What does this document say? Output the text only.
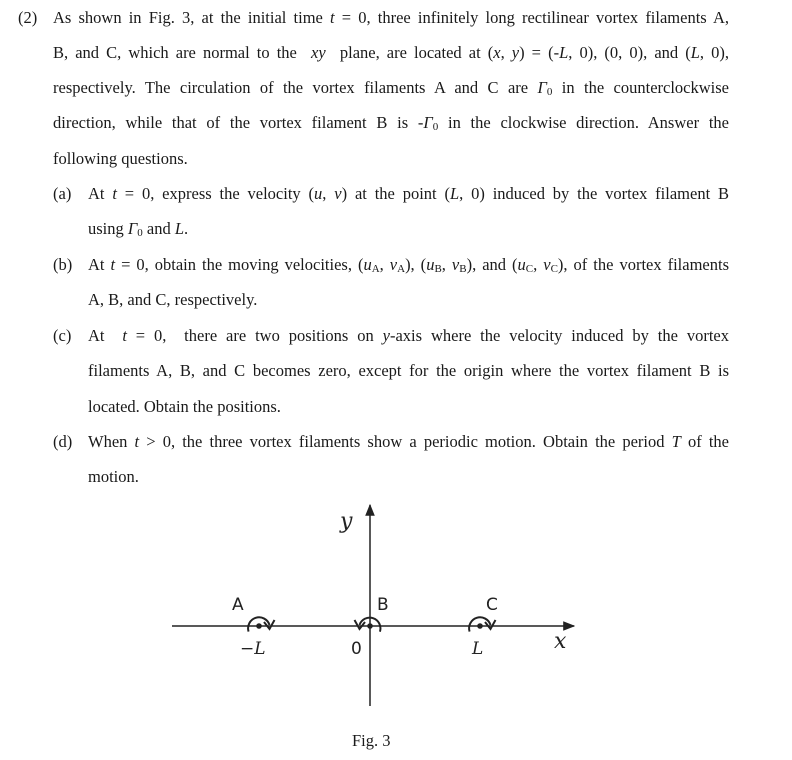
(2) As shown in Fig. 3, at the initial time t = 0, three infinitely long rectilinear vortex filaments A,
B, and C, which are normal to the  xy  plane, are located at (x, y) = (-L, 0), (0, 0), and (L, 0),
respectively. The circulation of the vortex filaments A and C are $\Gamma_0$ in the counterclockwise
direction, while that of the vortex filament B is $-\Gamma_0$ in the clockwise direction. Answer the
following questions.
(a) At t = 0, express the velocity (u, v) at the point (L, 0) induced by the vortex filament B
using $\Gamma_0$ and L.
(b) At t = 0, obtain the moving velocities, ($u_A$, $v_A$), ($u_B$, $v_B$), and ($u_C$, $v_C$), of the vortex filaments
A, B, and C, respectively.
(c) At  t = 0,  there are two positions on y-axis where the velocity induced by the vortex
filaments A, B, and C becomes zero, except for the origin where the vortex filament B is
located. Obtain the positions.
(d) When t > 0, the three vortex filaments show a periodic motion. Obtain the period T of the
motion.
y
x
0
A
−L
B	C
L
Fig. 3
